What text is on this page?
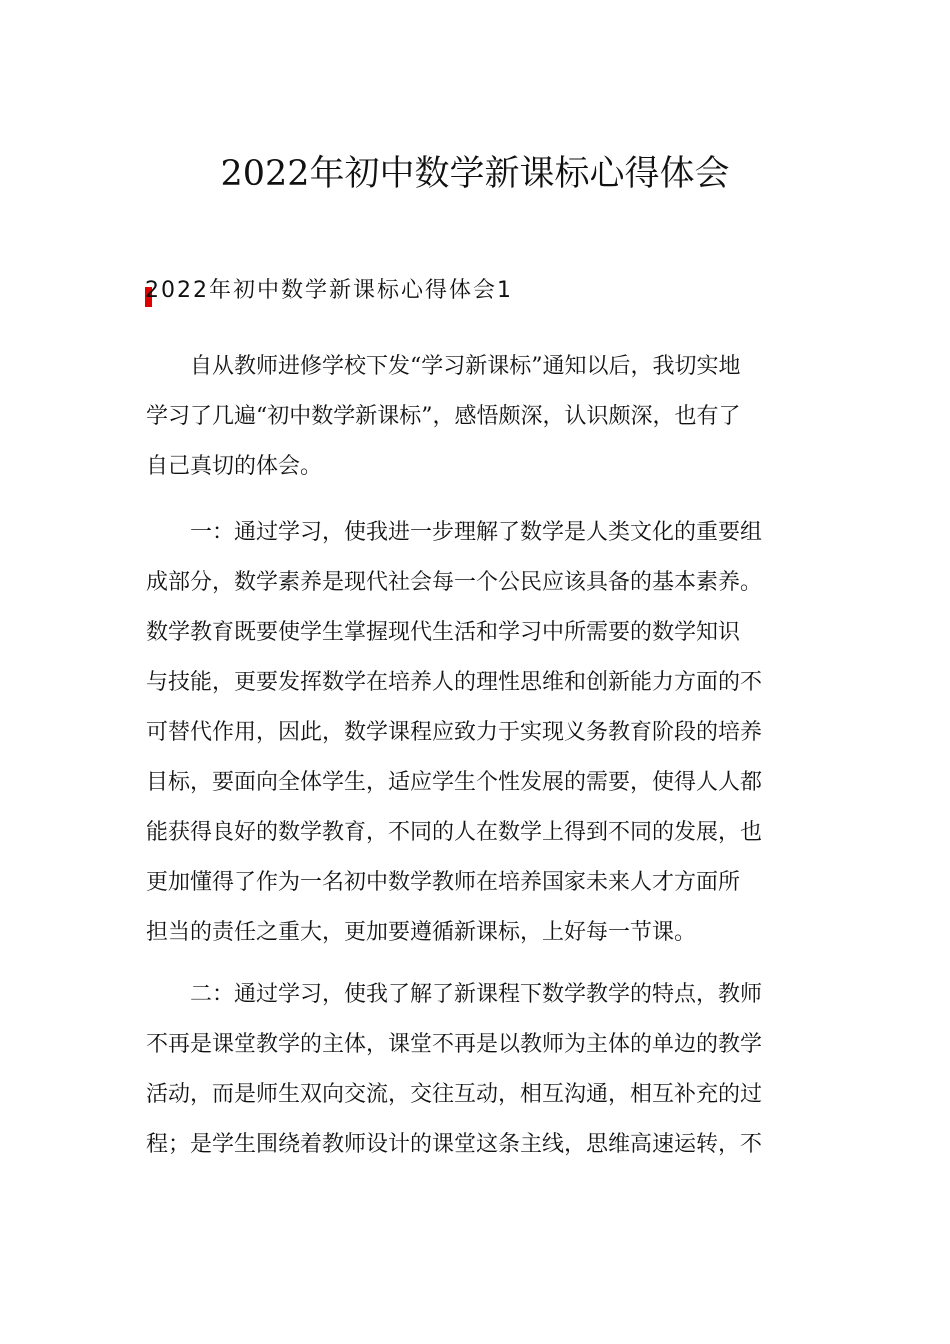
2022年初中数学新课标心得体会
2022年初中数学新课标心得体会1

自从教师进修学校下发“学习新课标”通知以后，我切实地
学习了几遍“初中数学新课标”，感悟颇深，认识颇深，也有了
自己真切的体会。

一：通过学习，使我进一步理解了数学是人类文化的重要组
成部分，数学素养是现代社会每一个公民应该具备的基本素养。
数学教育既要使学生掌握现代生活和学习中所需要的数学知识
与技能，更要发挥数学在培养人的理性思维和创新能力方面的不
可替代作用，因此，数学课程应致力于实现义务教育阶段的培养
目标，要面向全体学生，适应学生个性发展的需要，使得人人都
能获得良好的数学教育，不同的人在数学上得到不同的发展，也
更加懂得了作为一名初中数学教师在培养国家未来人才方面所
担当的责任之重大，更加要遵循新课标，上好每一节课。

二：通过学习，使我了解了新课程下数学教学的特点，教师
不再是课堂教学的主体，课堂不再是以教师为主体的单边的教学
活动，而是师生双向交流，交往互动，相互沟通，相互补充的过
程；是学生围绕着教师设计的课堂这条主线，思维高速运转，不
